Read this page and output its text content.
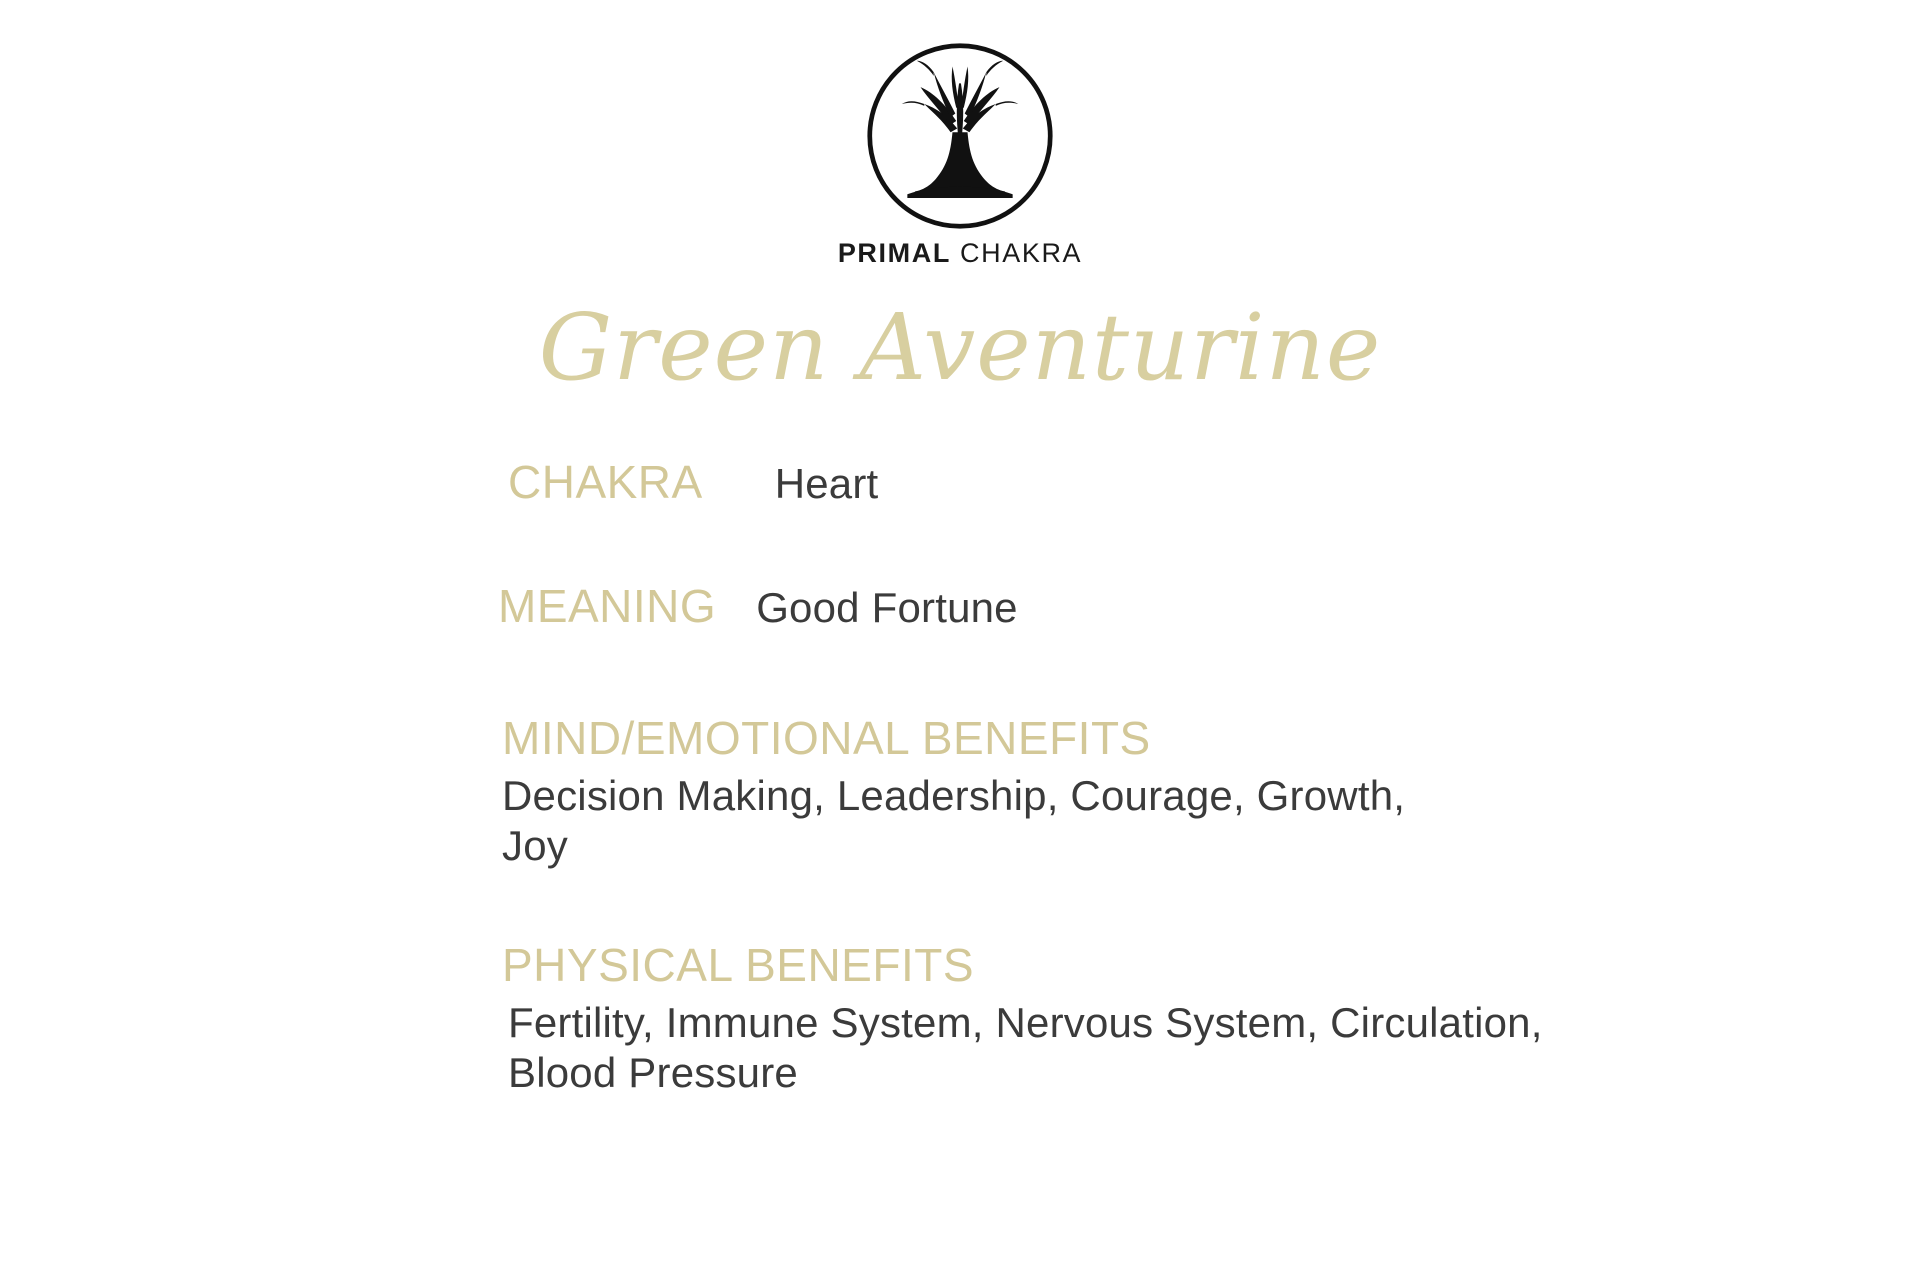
PRIMAL CHAKRA
Green Aventurine
CHAKRA Heart
MEANING Good Fortune
MIND/EMOTIONAL BENEFITS
Decision Making, Leadership, Courage, Growth, Joy
PHYSICAL BENEFITS
Fertility, Immune System, Nervous System, Circulation, Blood Pressure
